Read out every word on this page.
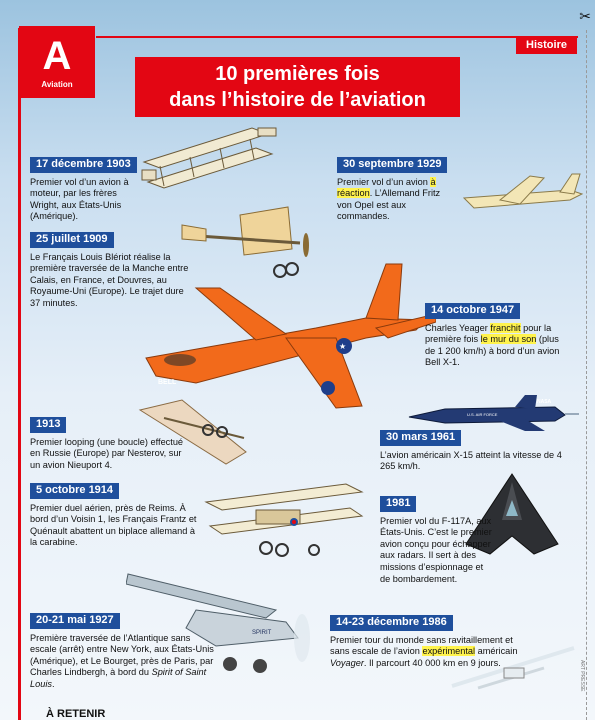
✂
A
Aviation
Histoire
10 premières fois
dans l’histoire de l’aviation
★
BELL
U.S. AIR FORCE
NASA
SPIRIT
17 décembre 1903
Premier vol d’un avion à moteur, par les frères Wright, aux États-Unis (Amérique).
25 juillet 1909
Le Français Louis Blériot réalise la première traversée de la Manche entre Calais, en France, et Douvres, au Royaume-Uni (Europe). Le trajet dure 37 minutes.
1913
Premier looping (une boucle) effectué en Russie (Europe) par Nesterov, sur un avion Nieuport 4.
5 octobre 1914
Premier duel aérien, près de Reims. À bord d’un Voisin 1, les Français Frantz et Quénault abattent un biplace allemand à la carabine.
20-21 mai 1927
Première traversée de l’Atlantique sans escale (arrêt) entre New York, aux États-Unis (Amérique), et Le Bourget, près de Paris, par Charles Lindbergh, à bord du Spirit of Saint Louis.
30 septembre 1929
Premier vol d’un avion à réaction. L’Allemand Fritz von Opel est aux commandes.
14 octobre 1947
Charles Yeager franchit pour la première fois le mur du son (plus de 1 200 km/h) à bord d’un avion Bell X-1.
30 mars 1961
L’avion américain X-15 atteint la vitesse de 4 265 km/h.
1981
Premier vol du F-117A, aux États-Unis. C’est le premier avion conçu pour échapper aux radars. Il sert à des missions d’espionnage et de bombardement.
14-23 décembre 1986
Premier tour du monde sans ravitaillement et sans escale de l’avion expérimental américain Voyager. Il parcourt 40 000 km en 9 jours.
À RETENIR
ART PRESSE
